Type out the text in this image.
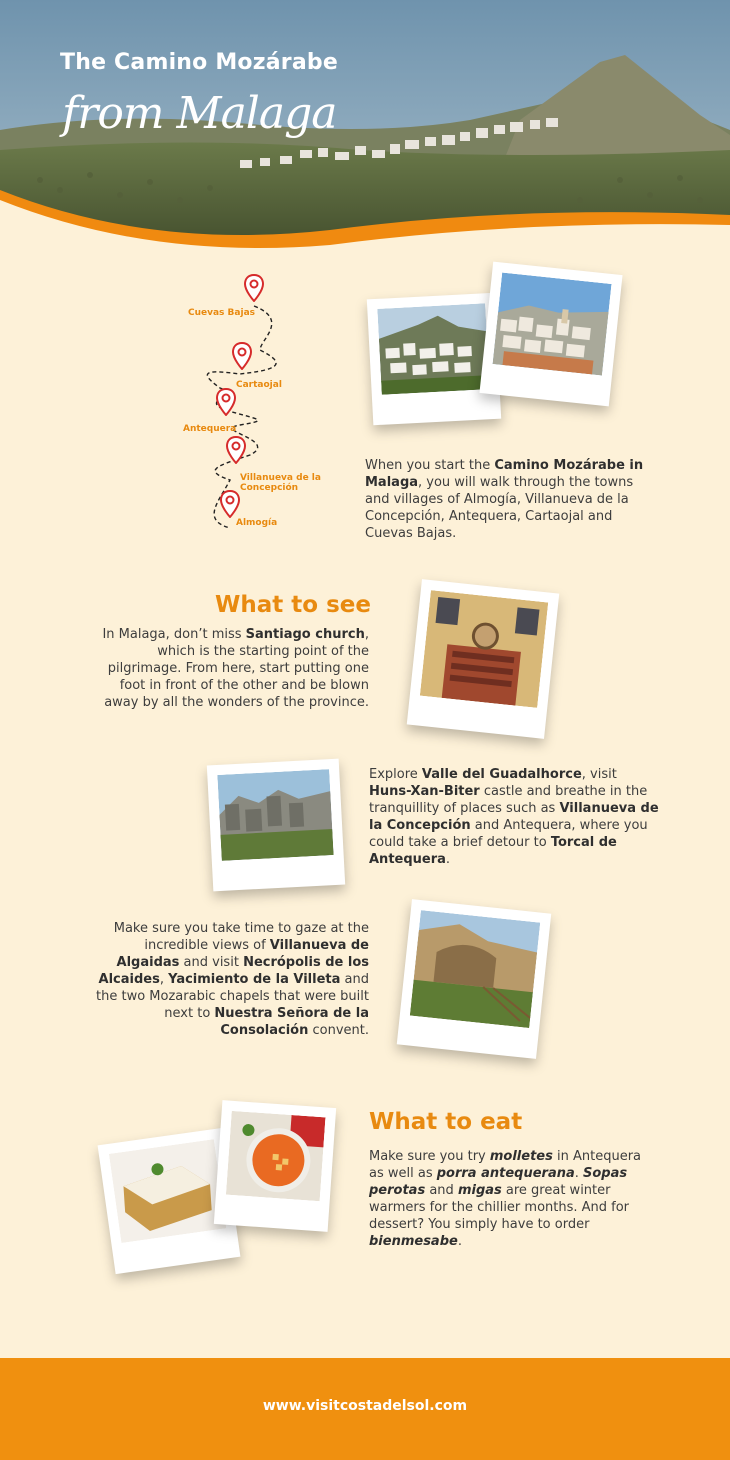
The Camino Mozárabe
from Malaga
Cuevas Bajas
Cartaojal
Antequera
Villanueva de la Concepción
Almogía
When you start the Camino Mozárabe in Malaga, you will walk through the towns and villages of Almogía, Villanueva de la Concepción, Antequera, Cartaojal and Cuevas Bajas.
What to see
In Malaga, don’t miss Santiago church, which is the starting point of the pilgrimage. From here, start putting one foot in front of the other and be blown away by all the wonders of the province.
Explore Valle del Guadalhorce, visit Huns-Xan-Biter castle and breathe in the tranquillity of places such as Villanueva de la Concepción and Antequera, where you could take a brief detour to Torcal de Antequera.
Make sure you take time to gaze at the incredible views of Villanueva de Algaidas and visit Necrópolis de los Alcaides, Yacimiento de la Villeta and the two Mozarabic chapels that were built next to Nuestra Señora de la Consolación convent.
What to eat
Make sure you try molletes in Antequera as well as porra antequerana. Sopas perotas and migas are great winter warmers for the chillier months. And for dessert? You simply have to order bienmesabe.
www.visitcostadelsol.com
